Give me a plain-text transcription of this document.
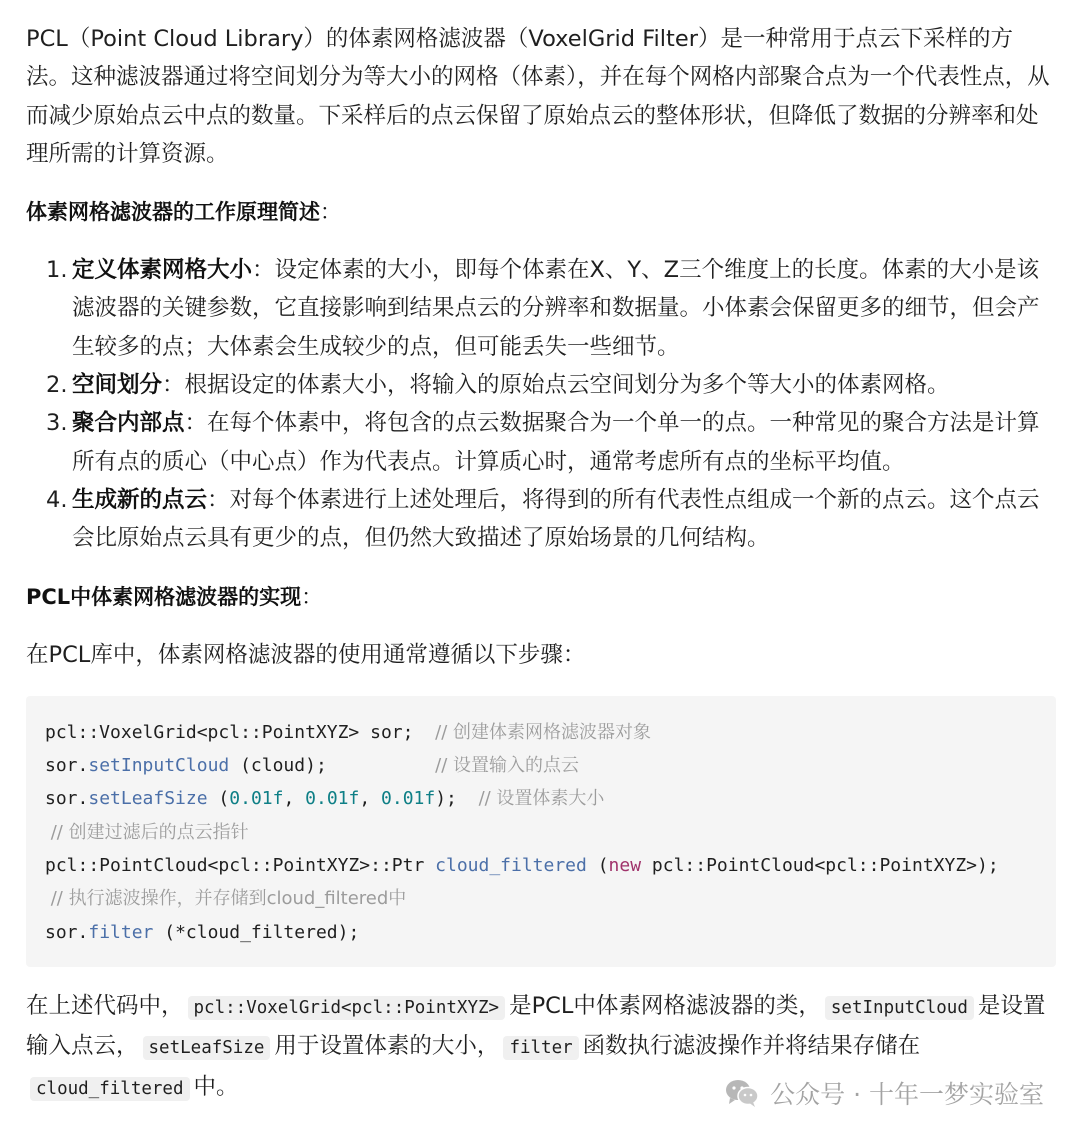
PCL（Point Cloud Library）的体素网格滤波器（VoxelGrid Filter）是一种常用于点云下采样的方法。这种滤波器通过将空间划分为等大小的网格（体素），并在每个网格内部聚合点为一个代表性点，从而减少原始点云中点的数量。下采样后的点云保留了原始点云的整体形状，但降低了数据的分辨率和处理所需的计算资源。

体素网格滤波器的工作原理简述：

1. 定义体素网格大小：设定体素的大小，即每个体素在X、Y、Z三个维度上的长度。体素的大小是该滤波器的关键参数，它直接影响到结果点云的分辨率和数据量。小体素会保留更多的细节，但会产生较多的点；大体素会生成较少的点，但可能丢失一些细节。
2. 空间划分：根据设定的体素大小，将输入的原始点云空间划分为多个等大小的体素网格。
3. 聚合内部点：在每个体素中，将包含的点云数据聚合为一个单一的点。一种常见的聚合方法是计算所有点的质心（中心点）作为代表点。计算质心时，通常考虑所有点的坐标平均值。
4. 生成新的点云：对每个体素进行上述处理后，将得到的所有代表性点组成一个新的点云。这个点云会比原始点云具有更少的点，但仍然大致描述了原始场景的几何结构。

PCL中体素网格滤波器的实现：

在PCL库中，体素网格滤波器的使用通常遵循以下步骤：

pcl::VoxelGrid<pcl::PointXYZ> sor;  // 创建体素网格滤波器对象
sor.setInputCloud (cloud);          // 设置输入的点云
sor.setLeafSize (0.01f, 0.01f, 0.01f);  // 设置体素大小
// 创建过滤后的点云指针
pcl::PointCloud<pcl::PointXYZ>::Ptr cloud_filtered (new pcl::PointCloud<pcl::PointXYZ>);
// 执行滤波操作，并存储到cloud_filtered中
sor.filter (*cloud_filtered);

在上述代码中， pcl::VoxelGrid<pcl::PointXYZ> 是PCL中体素网格滤波器的类， setInputCloud 是设置输入点云， setLeafSize 用于设置体素的大小， filter 函数执行滤波操作并将结果存储在cloud_filtered 中。	公众号 · 十年一梦实验室
